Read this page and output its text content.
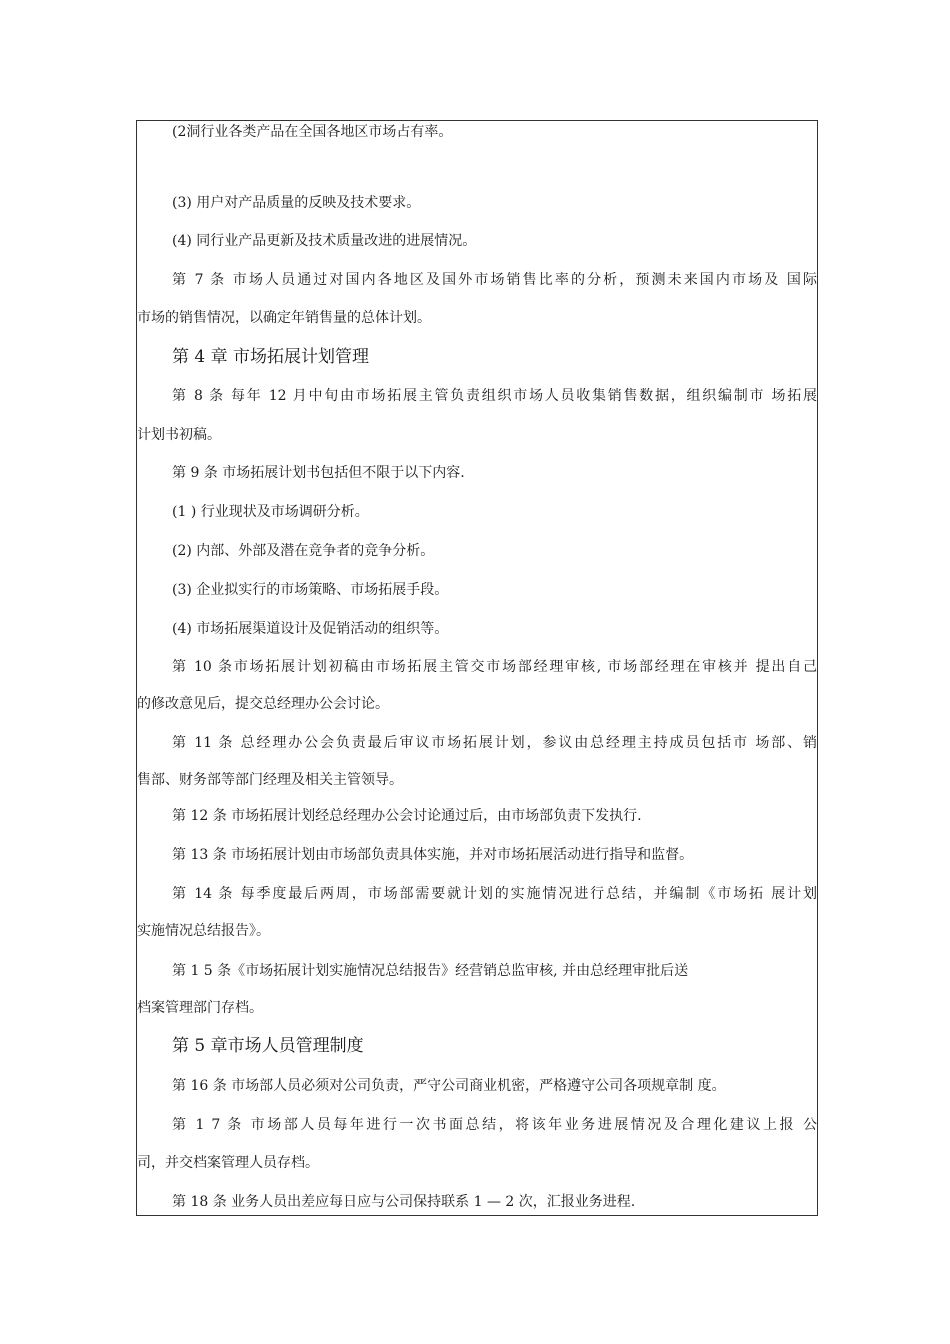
(2洞行业各类产品在全国各地区市场占有率。
(3) 用户对产品质量的反映及技术要求。
(4) 同行业产品更新及技术质量改进的进展情况。
第 7 条 市场人员通过对国内各地区及国外市场销售比率的分析，预测未来国内市场及 国际
市场的销售情况，以确定年销售量的总体计划。
第 4 章 市场拓展计划管理
第 8 条 每年 12 月中旬由市场拓展主管负责组织市场人员收集销售数据，组织编制市 场拓展
计划书初稿。
第 9 条 市场拓展计划书包括但不限于以下内容.
(1 ) 行业现状及市场调研分析。
(2) 内部、外部及潜在竞争者的竞争分析。
(3) 企业拟实行的市场策略、市场拓展手段。
(4) 市场拓展渠道设计及促销活动的组织等。
第 10 条市场拓展计划初稿由市场拓展主管交市场部经理审核, 市场部经理在审核并 提出自己
的修改意见后，提交总经理办公会讨论。
第 11 条 总经理办公会负责最后审议市场拓展计划，参议由总经理主持成员包括市 场部、销
售部、财务部等部门经理及相关主管领导。
第 12 条 市场拓展计划经总经理办公会讨论通过后，由市场部负责下发执行.
第 13 条 市场拓展计划由市场部负责具体实施，并对市场拓展活动进行指导和监督。
第 14 条 每季度最后两周，市场部需要就计划的实施情况进行总结，并编制《市场拓 展计划
实施情况总结报告》。
第 1 5 条《市场拓展计划实施情况总结报告》经营销总监审核, 并由总经理审批后送
档案管理部门存档。
第 5 章市场人员管理制度
第 16 条 市场部人员必须对公司负责，严守公司商业机密，严格遵守公司各项规章制 度。
第 1 7 条 市场部人员每年进行一次书面总结，将该年业务进展情况及合理化建议上报 公
司，并交档案管理人员存档。
第 18 条 业务人员出差应每日应与公司保持联系 1 — 2 次，汇报业务进程.
